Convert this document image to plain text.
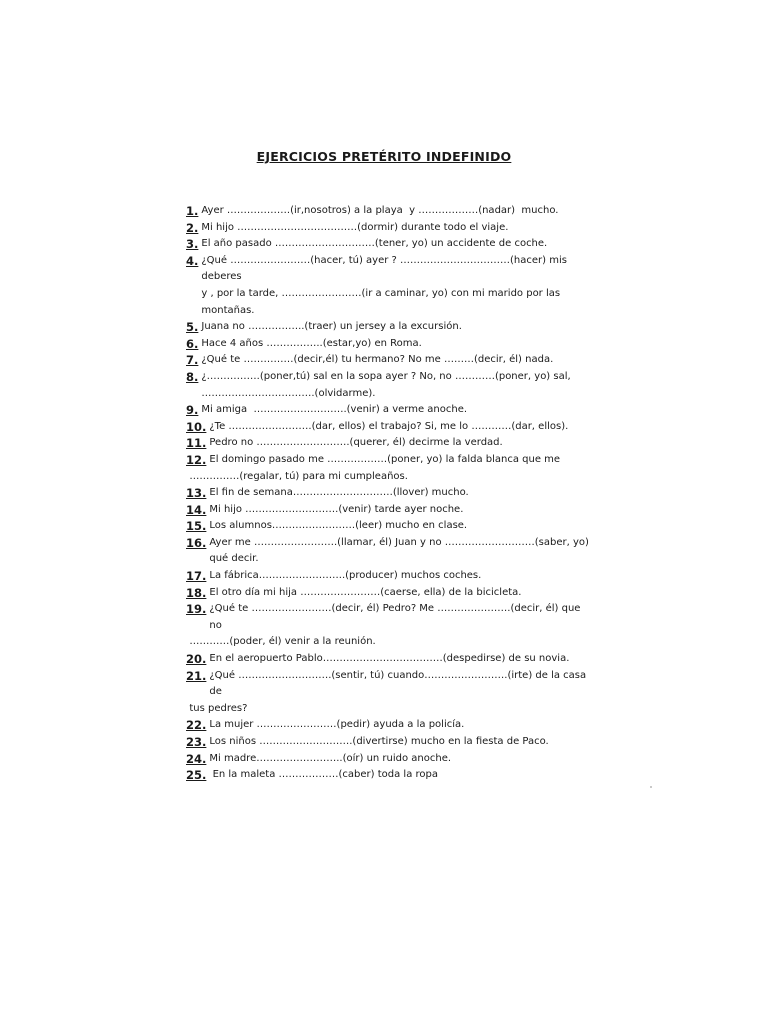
EJERCICIOS PRETÉRITO INDEFINIDO
1. Ayer ……………….(ir,nosotros) a la playa  y ………………(nadar)  mucho.
2. Mi hijo ………………………………(dormir) durante todo el viaje.
3. El año pasado …………………………(tener, yo) un accidente de coche.
4. ¿Qué ……………………(hacer, tú) ayer ? ……………………………(hacer) mis deberes
y , por la tarde, ……………………(ir a caminar, yo) con mi marido por las
montañas.
5. Juana no ……………..(traer) un jersey a la excursión.
6. Hace 4 años ……………..(estar,yo) en Roma.
7. ¿Qué te ……………(decir,él) tu hermano? No me ………(decir, él) nada.
8. ¿…………….(poner,tú) sal en la sopa ayer ? No, no …………(poner, yo) sal,
…………………………….(olvidarme).
9. Mi amiga  ……………………….(venir) a verme anoche.
10. ¿Te …………………….(dar, ellos) el trabajo? Si, me lo …………(dar, ellos).
11. Pedro no ……………………….(querer, él) decirme la verdad.
12. El domingo pasado me ………………(poner, yo) la falda blanca que me
……………(regalar, tú) para mi cumpleaños.
13. El fin de semana…………………………(llover) mucho.
14. Mi hijo ……………………….(venir) tarde ayer noche.
15. Los alumnos…………………….(leer) mucho en clase.
16. Ayer me …………………….(llamar, él) Juan y no ………………………(saber, yo)
qué decir.
17. La fábrica……………………..(producer) muchos coches.
18. El otro día mi hija ……………………(caerse, ella) de la bicicleta.
19. ¿Qué te ……………………(decir, él) Pedro? Me ………………….(decir, él) que no
…………(poder, él) venir a la reunión.
20. En el aeropuerto Pablo………………………………(despedirse) de su novia.
21. ¿Qué ……………………….(sentir, tú) cuando…………………….(irte) de la casa de
tus pedres?
22. La mujer ……………………(pedir) ayuda a la policía.
23. Los niños ……………………….(divertirse) mucho en la fiesta de Paco.
24. Mi madre……………………..(oír) un ruido anoche.
25. En la maleta ………………(caber) toda la ropa
